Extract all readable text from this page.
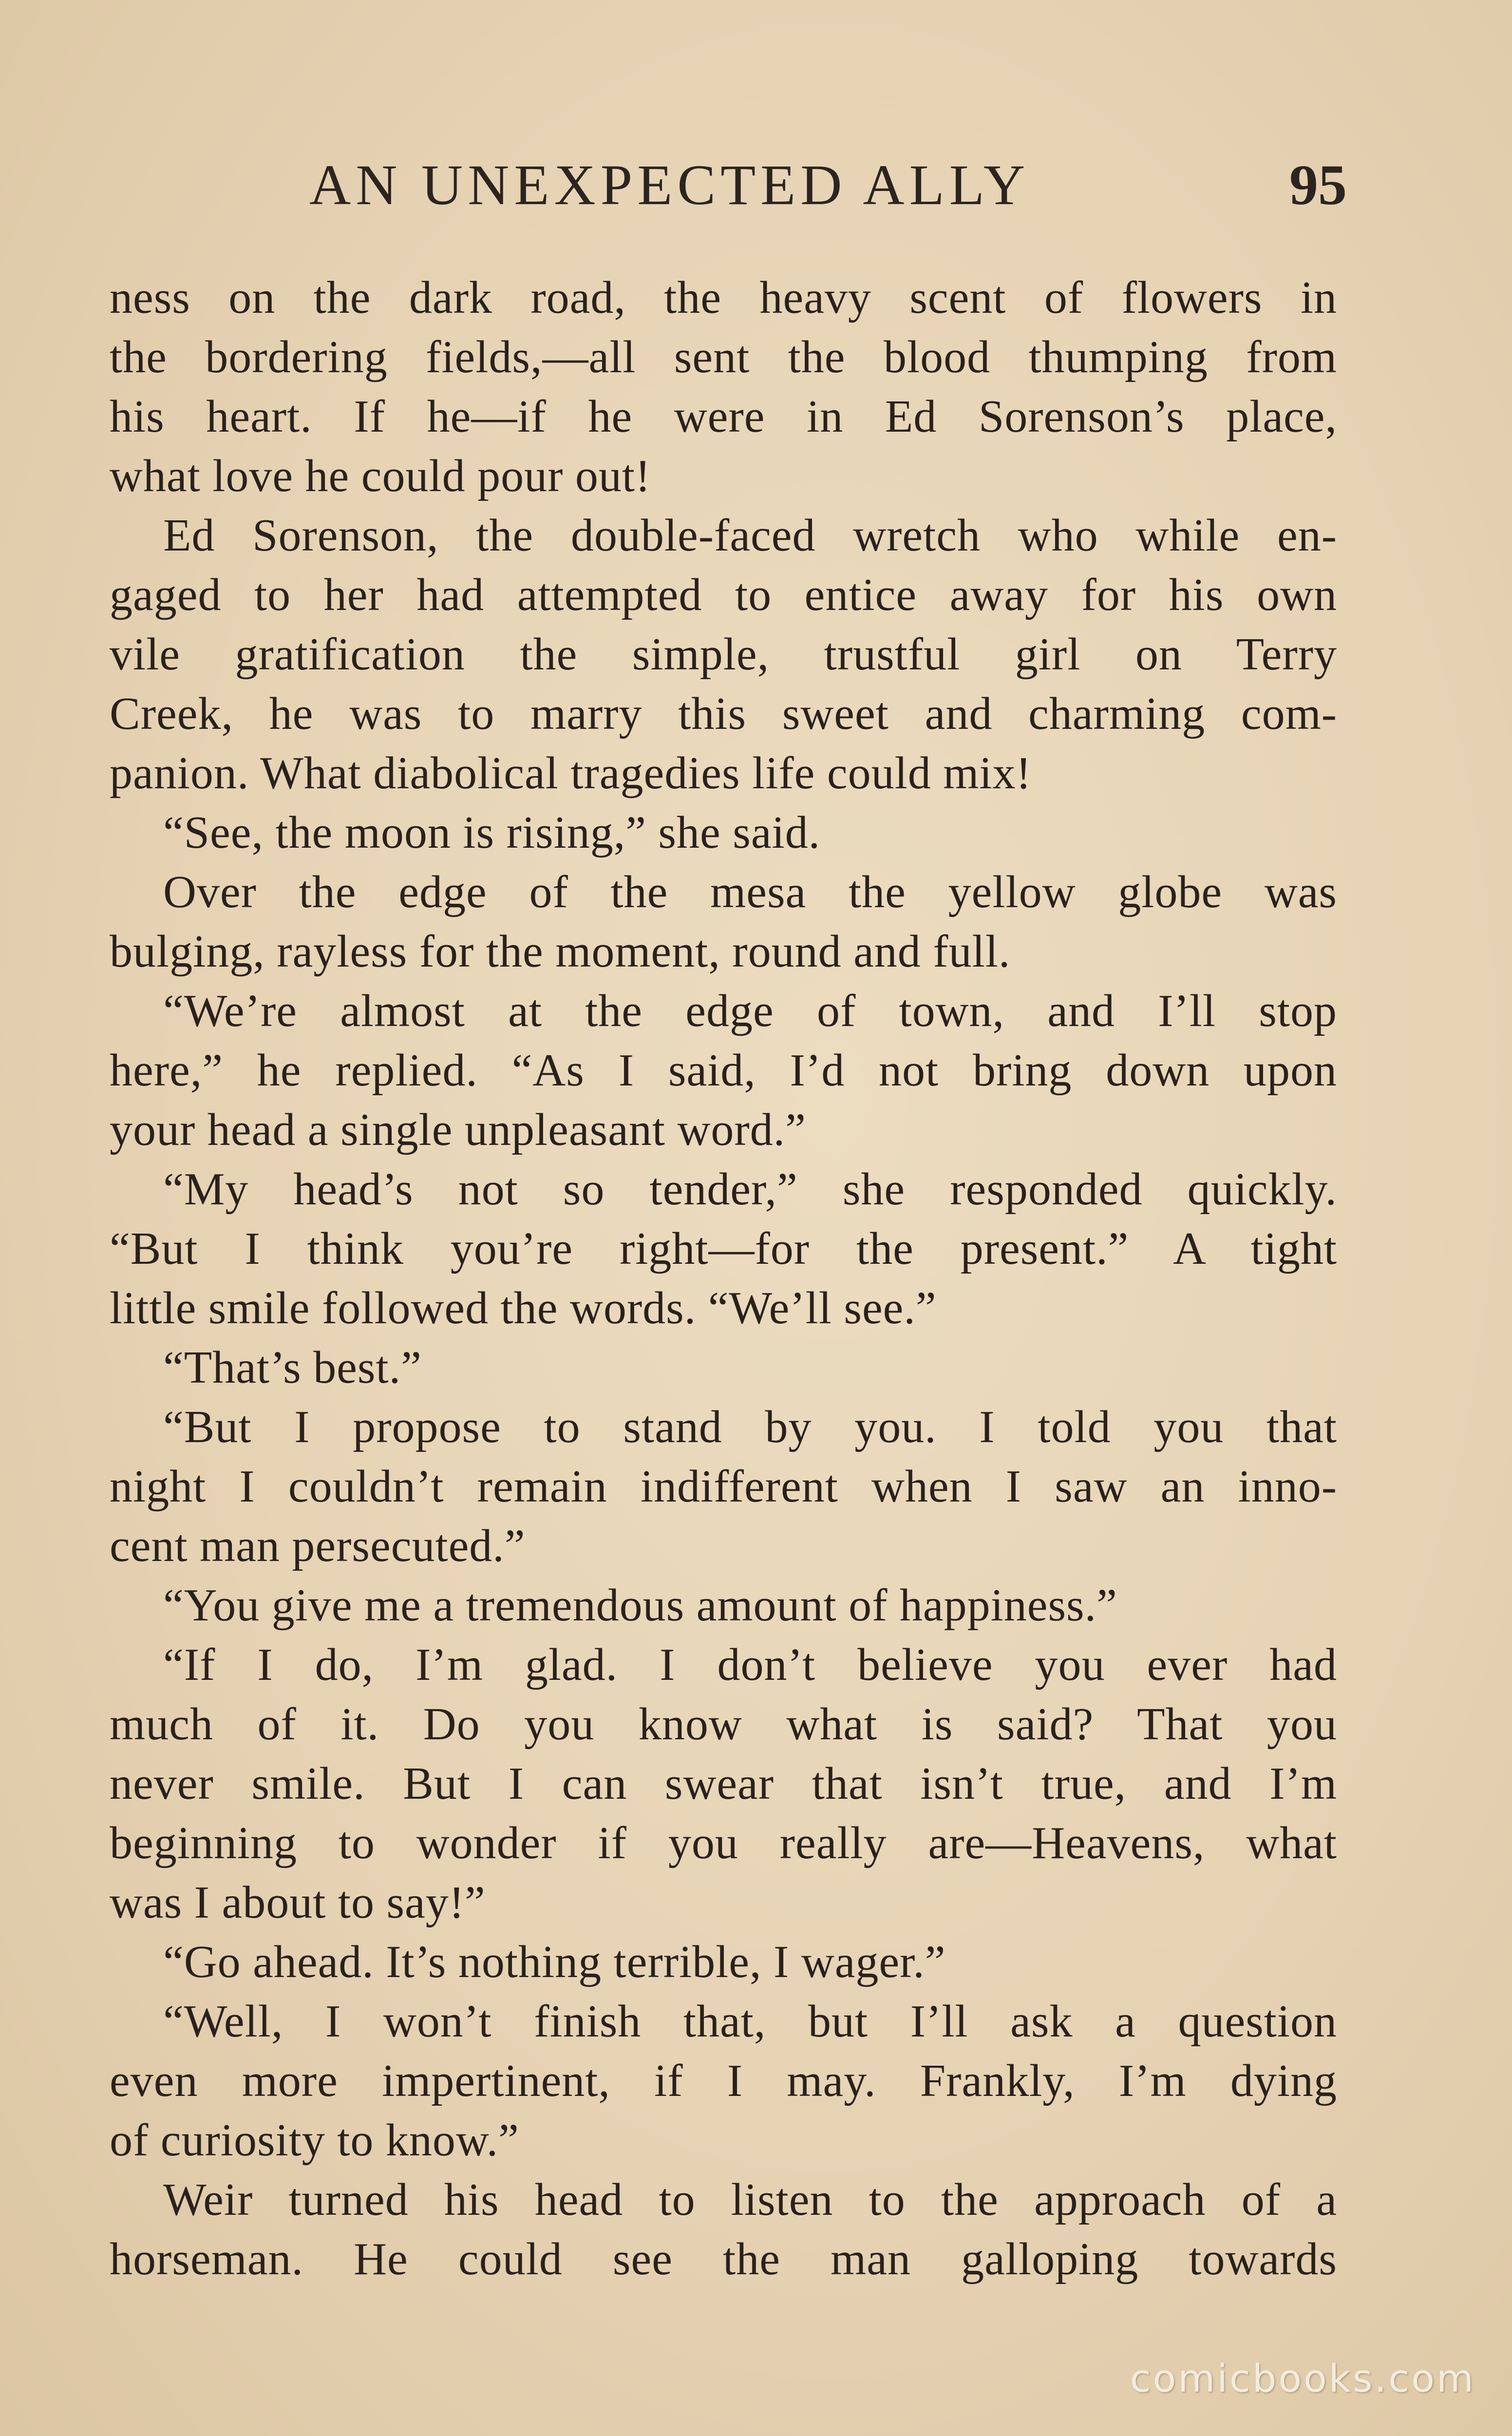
AN UNEXPECTED ALLY	95
ness on the dark road, the heavy scent of flowers in
the bordering fields,—all sent the blood thumping from
his heart. If he—if he were in Ed Sorenson’s place,
what love he could pour out!
Ed Sorenson, the double-faced wretch who while en-
gaged to her had attempted to entice away for his own
vile gratification the simple, trustful girl on Terry
Creek, he was to marry this sweet and charming com-
panion. What diabolical tragedies life could mix!
“See, the moon is rising,” she said.
Over the edge of the mesa the yellow globe was
bulging, rayless for the moment, round and full.
“We’re almost at the edge of town, and I’ll stop
here,” he replied. “As I said, I’d not bring down upon
your head a single unpleasant word.”
“My head’s not so tender,” she responded quickly.
“But I think you’re right—for the present.” A tight
little smile followed the words. “We’ll see.”
“That’s best.”
“But I propose to stand by you. I told you that
night I couldn’t remain indifferent when I saw an inno-
cent man persecuted.”
“You give me a tremendous amount of happiness.”
“If I do, I’m glad. I don’t believe you ever had
much of it. Do you know what is said? That you
never smile. But I can swear that isn’t true, and I’m
beginning to wonder if you really are—Heavens, what
was I about to say!”
“Go ahead. It’s nothing terrible, I wager.”
“Well, I won’t finish that, but I’ll ask a question
even more impertinent, if I may. Frankly, I’m dying
of curiosity to know.”
Weir turned his head to listen to the approach of a
horseman. He could see the man galloping towards
comicbooks.com
